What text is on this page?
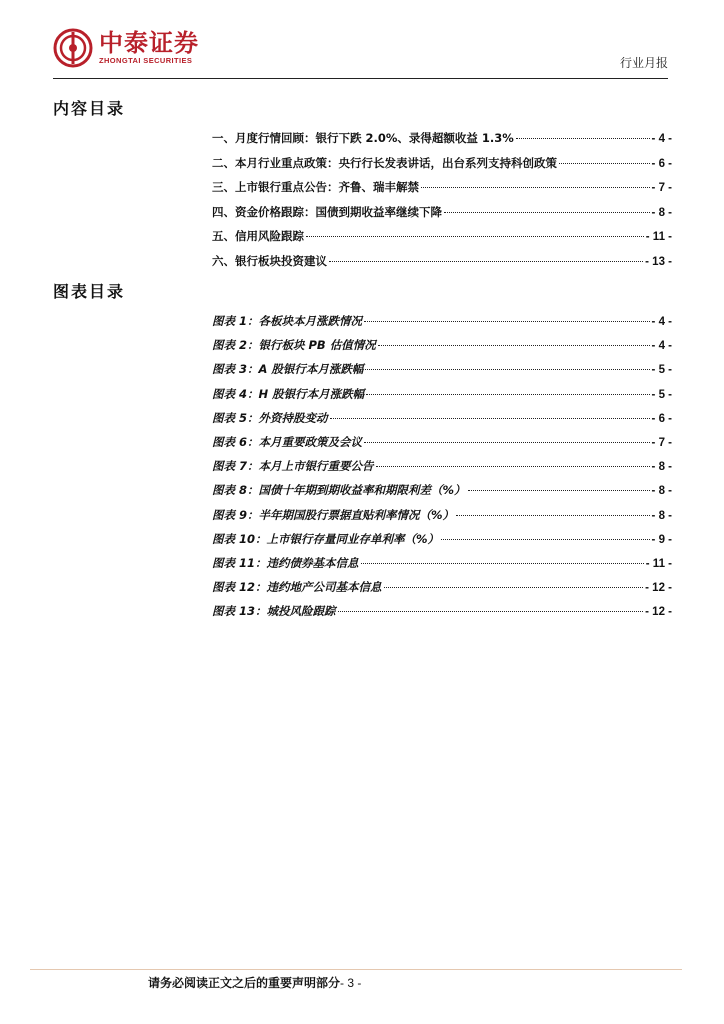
中泰证券
ZHONGTAI SECURITIES	行业月报
内容目录
一、月度行情回顾：银行下跌 2.0%、录得超额收益 1.3%	- 4 -
二、本月行业重点政策：央行行长发表讲话，出台系列支持科创政策	- 6 -
三、上市银行重点公告：齐鲁、瑞丰解禁	- 7 -
四、资金价格跟踪：国债到期收益率继续下降	- 8 -
五、信用风险跟踪	- 11 -
六、银行板块投资建议	- 13 -
图表目录
图表 1：各板块本月涨跌情况	- 4 -
图表 2：银行板块 PB 估值情况	- 4 -
图表 3：A 股银行本月涨跌幅	- 5 -
图表 4：H 股银行本月涨跌幅	- 5 -
图表 5：外资持股变动	- 6 -
图表 6：本月重要政策及会议	- 7 -
图表 7：本月上市银行重要公告	- 8 -
图表 8：国债十年期到期收益率和期限利差（%）	- 8 -
图表 9：半年期国股行票据直贴利率情况（%）	- 8 -
图表 10：上市银行存量同业存单利率（%）	- 9 -
图表 11：违约债券基本信息	- 11 -
图表 12：违约地产公司基本信息	- 12 -
图表 13：城投风险跟踪	- 12 -
请务必阅读正文之后的重要声明部分- 3 -
